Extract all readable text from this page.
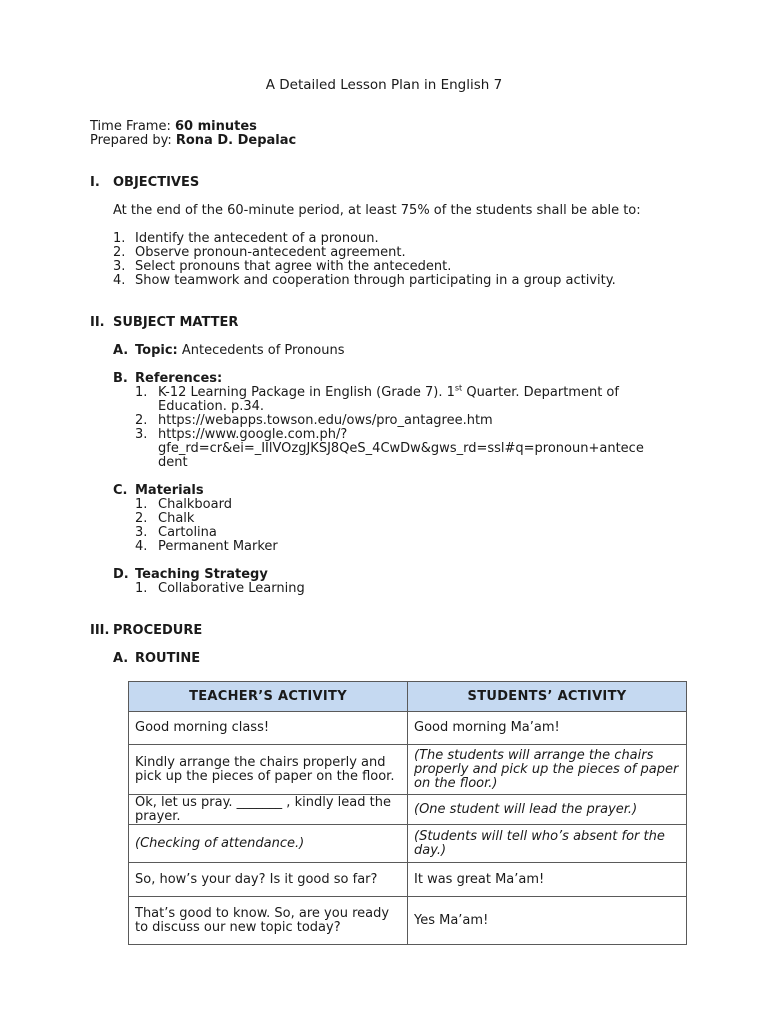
A Detailed Lesson Plan in English 7
Time Frame: 60 minutes
Prepared by: Rona D. Depalac
I. OBJECTIVES
At the end of the 60-minute period, at least 75% of the students shall be able to:
1. Identify the antecedent of a pronoun.
2. Observe pronoun-antecedent agreement.
3. Select pronouns that agree with the antecedent.
4. Show teamwork and cooperation through participating in a group activity.
II. SUBJECT MATTER
A. Topic: Antecedents of Pronouns
B. References:
1. K-12 Learning Package in English (Grade 7). 1st Quarter. Department of
Education. p.34.
2. https://webapps.towson.edu/ows/pro_antagree.htm
3. https://www.google.com.ph/?
gfe_rd=cr&ei=_IIlVOzgJKSJ8QeS_4CwDw&gws_rd=ssl#q=pronoun+antece
dent
C. Materials
1. Chalkboard
2. Chalk
3. Cartolina
4. Permanent Marker
D. Teaching Strategy
1. Collaborative Learning
III. PROCEDURE
A. ROUTINE
TEACHER’S ACTIVITY	STUDENTS’ ACTIVITY
Good morning class!	Good morning Ma’am!
Kindly arrange the chairs properly and pick up the pieces of paper on the floor.	(The students will arrange the chairs properly and pick up the pieces of paper on the floor.)
Ok, let us pray. _______ , kindly lead the prayer.	(One student will lead the prayer.)
(Checking of attendance.)	(Students will tell who’s absent for the day.)
So, how’s your day? Is it good so far?	It was great Ma’am!
That’s good to know. So, are you ready to discuss our new topic today?	Yes Ma’am!
